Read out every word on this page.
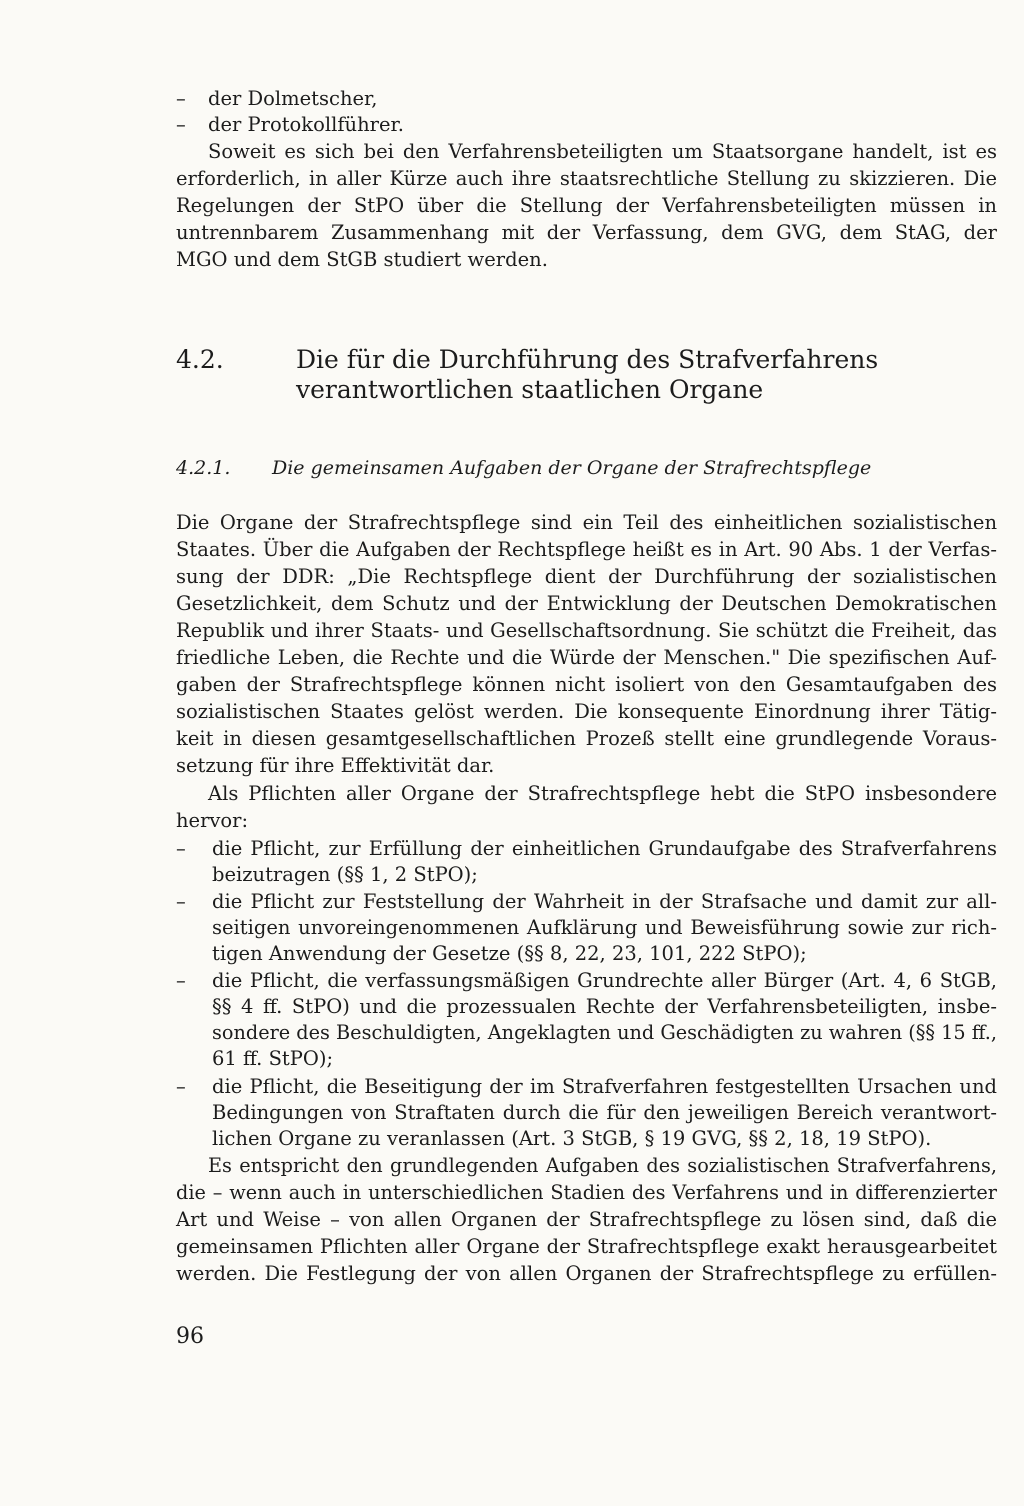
– der Dolmetscher,
– der Protokollführer.
Soweit es sich bei den Verfahrensbeteiligten um Staatsorgane handelt, ist es
erforderlich, in aller Kürze auch ihre staatsrechtliche Stellung zu skizzieren. Die
Regelungen der StPO über die Stellung der Verfahrensbeteiligten müssen in
untrennbarem Zusammenhang mit der Verfassung, dem GVG, dem StAG, der
MGO und dem StGB studiert werden.
4.2.	Die für die Durchführung des Strafverfahrens
verantwortlichen staatlichen Organe
4.2.1. Die gemeinsamen Aufgaben der Organe der Strafrechtspflege
Die Organe der Strafrechtspflege sind ein Teil des einheitlichen sozialistischen
Staates. Über die Aufgaben der Rechtspflege heißt es in Art. 90 Abs. 1 der Verfas-
sung der DDR: „Die Rechtspflege dient der Durchführung der sozialistischen
Gesetzlichkeit, dem Schutz und der Entwicklung der Deutschen Demokratischen
Republik und ihrer Staats- und Gesellschaftsordnung. Sie schützt die Freiheit, das
friedliche Leben, die Rechte und die Würde der Menschen." Die spezifischen Auf-
gaben der Strafrechtspflege können nicht isoliert von den Gesamtaufgaben des
sozialistischen Staates gelöst werden. Die konsequente Einordnung ihrer Tätig-
keit in diesen gesamtgesellschaftlichen Prozeß stellt eine grundlegende Voraus-
setzung für ihre Effektivität dar.
Als Pflichten aller Organe der Strafrechtspflege hebt die StPO insbesondere
hervor:
– die Pflicht, zur Erfüllung der einheitlichen Grundaufgabe des Strafverfahrens
beizutragen (§§ 1, 2 StPO);
– die Pflicht zur Feststellung der Wahrheit in der Strafsache und damit zur all-
seitigen unvoreingenommenen Aufklärung und Beweisführung sowie zur rich-
tigen Anwendung der Gesetze (§§ 8, 22, 23, 101, 222 StPO);
– die Pflicht, die verfassungsmäßigen Grundrechte aller Bürger (Art. 4, 6 StGB,
§§ 4 ff. StPO) und die prozessualen Rechte der Verfahrensbeteiligten, insbe-
sondere des Beschuldigten, Angeklagten und Geschädigten zu wahren (§§ 15 ff.,
61 ff. StPO);
– die Pflicht, die Beseitigung der im Strafverfahren festgestellten Ursachen und
Bedingungen von Straftaten durch die für den jeweiligen Bereich verantwort-
lichen Organe zu veranlassen (Art. 3 StGB, § 19 GVG, §§ 2, 18, 19 StPO).
Es entspricht den grundlegenden Aufgaben des sozialistischen Strafverfahrens,
die – wenn auch in unterschiedlichen Stadien des Verfahrens und in differenzierter
Art und Weise – von allen Organen der Strafrechtspflege zu lösen sind, daß die
gemeinsamen Pflichten aller Organe der Strafrechtspflege exakt herausgearbeitet
werden. Die Festlegung der von allen Organen der Strafrechtspflege zu erfüllen-
96
